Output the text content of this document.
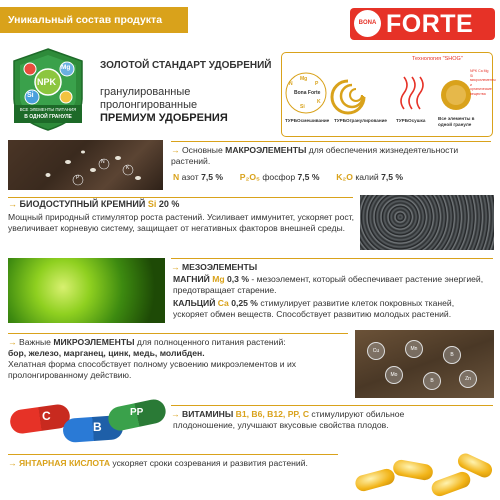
Уникальный состав продукта	BONA FORTE
NPK
Mg
Si
ВСЕ ЭЛЕМЕНТЫ ПИТАНИЯ
В ОДНОЙ ГРАНУЛЕ
ЗОЛОТОЙ СТАНДАРТ УДОБРЕНИЙ
гранулированные
пролонгированные
ПРЕМИУМ УДОБРЕНИЯ
Bona Forte
Технология "SHOG"
Mg
P
K
Si
N
ТУРБОсмешивание ТУРБОгранулирование ТУРБОсушка	Все элементы в
одной грануле
NPK Ca Mg Si микроэлементы и органические вещества
N
P
K
→ Основные МАКРОЭЛЕМЕНТЫ для обеспечения жизнедеятельности
растений.
N азот 7,5 % P₂O₅ фосфор 7,5 % K₂O калий 7,5 %
→ БИОДОСТУПНЫЙ КРЕМНИЙ Si 20 %
Мощный природный стимулятор роста растений. Усиливает иммунитет, ускоряет рост,
увеличивает корневую систему, защищает от негативных факторов внешней среды.
→ МЕЗОЭЛЕМЕНТЫ
МАГНИЙ Mg 0,3 % - мезоэлемент, который обеспечивает растение энергией,
предотвращает старение.
КАЛЬЦИЙ Ca 0,25 % стимулирует развитие клеток покровных тканей,
ускоряет обмен веществ. Способствует развитию молодых растений.
→ Важные МИКРОЭЛЕМЕНТЫ для полноценного питания растений:
бор, железо, марганец, цинк, медь, молибден.
Хелатная форма способствует полному усвоению микроэлементов и их
пролонгированному действию.
Cu	Mn
B
Mo
Zn
B
C
B
PP	→ ВИТАМИНЫ B1, B6, B12, PP, C стимулируют обильное
плодоношение, улучшают вкусовые свойства плодов.
→ ЯНТАРНАЯ КИСЛОТА ускоряет сроки созревания и развития растений.
